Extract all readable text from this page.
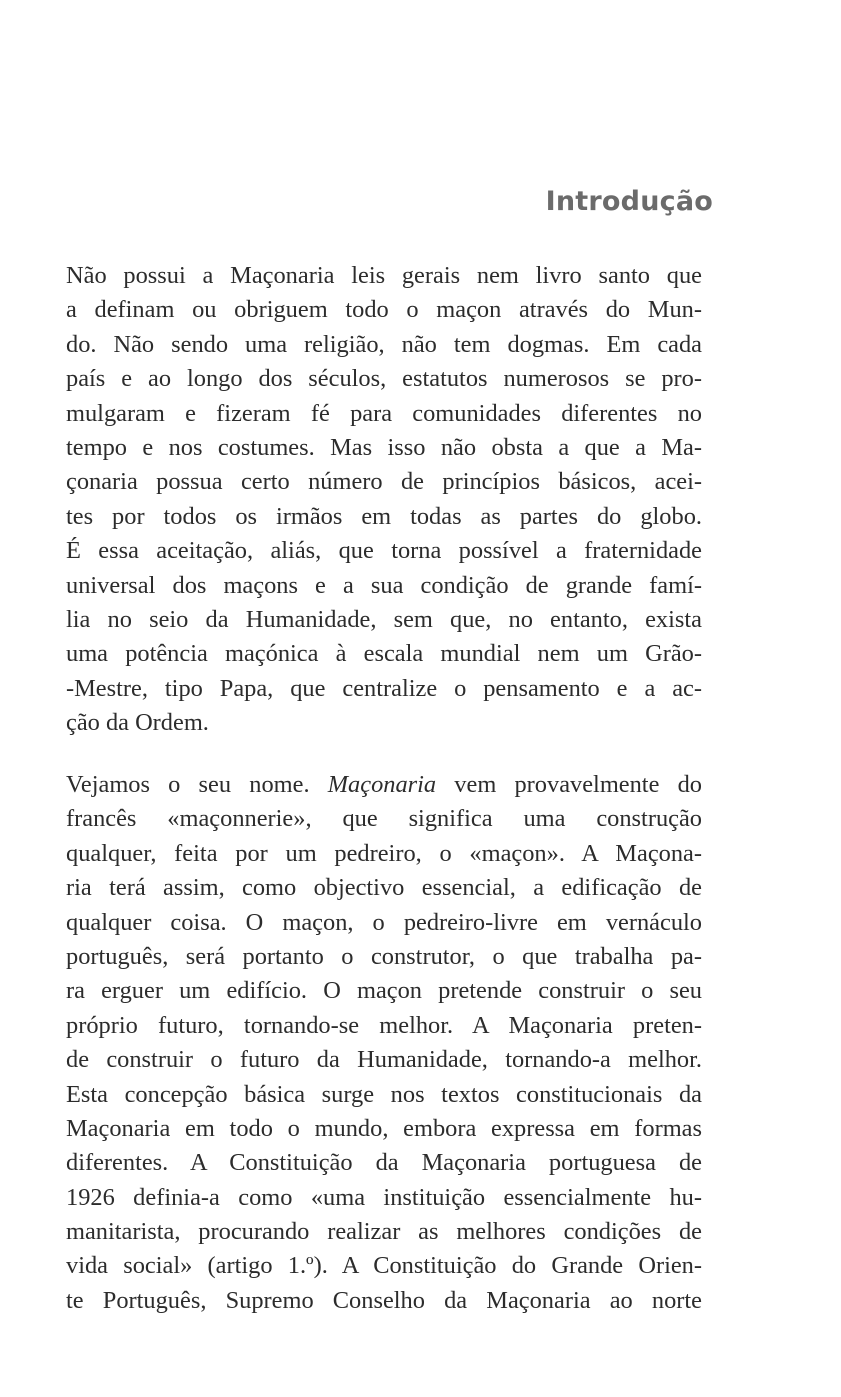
Introdução
Não possui a Maçonaria leis gerais nem livro santo que
a definam ou obriguem todo o maçon através do Mun-
do. Não sendo uma religião, não tem dogmas. Em cada
país e ao longo dos séculos, estatutos numerosos se pro-
mulgaram e fizeram fé para comunidades diferentes no
tempo e nos costumes. Mas isso não obsta a que a Ma-
çonaria possua certo número de princípios básicos, acei-
tes por todos os irmãos em todas as partes do globo.
É essa aceitação, aliás, que torna possível a fraternidade
universal dos maçons e a sua condição de grande famí-
lia no seio da Humanidade, sem que, no entanto, exista
uma potência maçónica à escala mundial nem um Grão-
-Mestre, tipo Papa, que centralize o pensamento e a ac-
ção da Ordem.
Vejamos o seu nome. Maçonaria vem provavelmente do
francês «maçonnerie», que significa uma construção
qualquer, feita por um pedreiro, o «maçon». A Maçona-
ria terá assim, como objectivo essencial, a edificação de
qualquer coisa. O maçon, o pedreiro-livre em vernáculo
português, será portanto o construtor, o que trabalha pa-
ra erguer um edifício. O maçon pretende construir o seu
próprio futuro, tornando-se melhor. A Maçonaria preten-
de construir o futuro da Humanidade, tornando-a melhor.
Esta concepção básica surge nos textos constitucionais da
Maçonaria em todo o mundo, embora expressa em formas
diferentes. A Constituição da Maçonaria portuguesa de
1926 definia-a como «uma instituição essencialmente hu-
manitarista, procurando realizar as melhores condições de
vida social» (artigo 1.º). A Constituição do Grande Orien-
te Português, Supremo Conselho da Maçonaria ao norte
